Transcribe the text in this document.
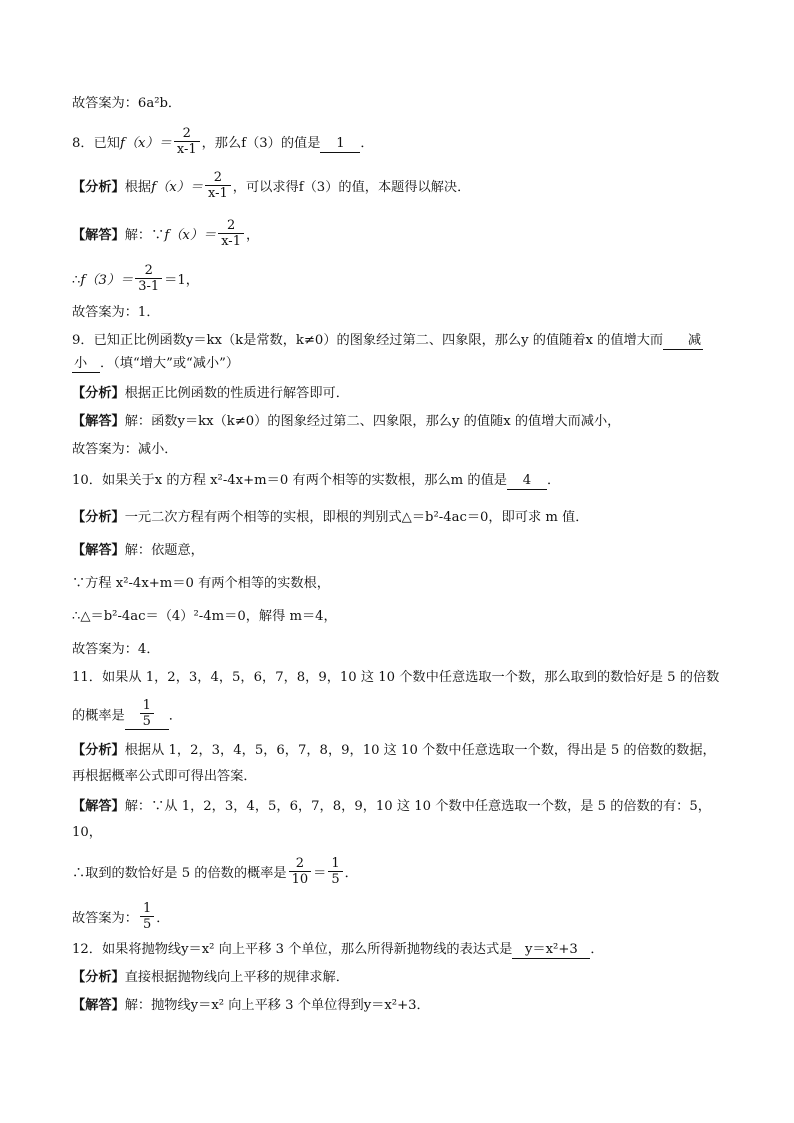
故答案为：6a²b．
8．已知$f(x)= \frac{2}{x-1}$ ，那么f（3）的值是 1 ．
【分析】根据$f(x)= \frac{2}{x-1}$ ，可以求得f（3）的值，本题得以解决．
【解答】解：∵f（x）＝ $\frac{2}{x-1}$ ，
∴f（3）＝ $\frac{2}{3-1} =1$，
故答案为：1．
9．已知正比例函数y＝kx（k是常数，k≠0）的图象经过第二、四象限，那么y 的值随着x 的值增大而 减
小 ．（填“增大”或“减小”）
【分析】根据正比例函数的性质进行解答即可．
【解答】解：函数y＝kx（k≠0）的图象经过第二、四象限，那么y 的值随x 的值增大而减小，
故答案为：减小．
10．如果关于x 的方程 x²-4x+m＝0 有两个相等的实数根，那么m 的值是 4 ．
【分析】一元二次方程有两个相等的实根，即根的判别式△＝b²-4ac＝0，即可求 m 值．
【解答】解：依题意，
∵方程 x²-4x+m＝0 有两个相等的实数根，
∴△＝b²-4ac＝（4）²-4m＝0，解得 m＝4，
故答案为：4．
11．如果从 1，2，3，4，5，6，7，8，9，10 这 10 个数中任意选取一个数，那么取到的数恰好是 5 的倍数
的概率是 $\frac{1}{5}$ ．
【分析】根据从 1，2，3，4，5，6，7，8，9，10 这 10 个数中任意选取一个数，得出是 5 的倍数的数据，
再根据概率公式即可得出答案．
【解答】解：∵从 1，2，3，4，5，6，7，8，9，10 这 10 个数中任意选取一个数，是 5 的倍数的有：5，
10，
∴取到的数恰好是 5 的倍数的概率是 $\frac{2}{10} = \frac{1}{5}$ ．
故答案为： $\frac{1}{5}$ ．
12．如果将抛物线y＝x² 向上平移 3 个单位，那么所得新抛物线的表达式是 y＝x²+3 ．
【分析】直接根据抛物线向上平移的规律求解．
【解答】解：抛物线y＝x² 向上平移 3 个单位得到y＝x²+3．
